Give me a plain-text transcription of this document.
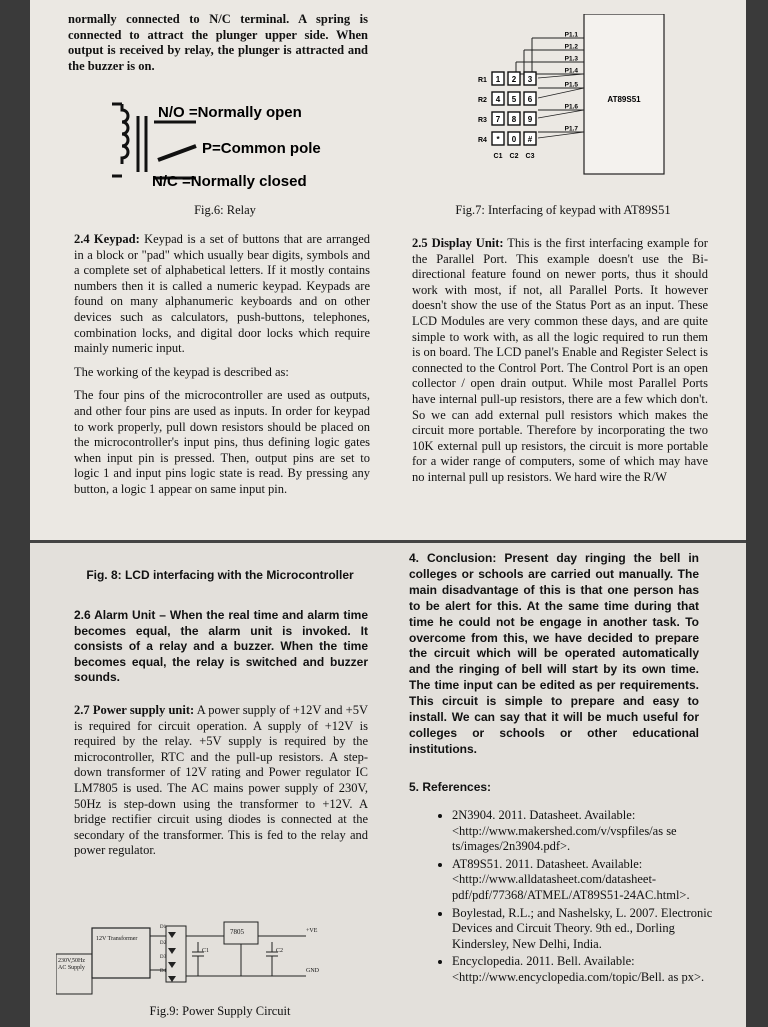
normally connected to N/C terminal. A spring is connected to attract the plunger upper side. When output is received by relay, the plunger is attracted and the buzzer is on.
N/O =Normally open
P=Common pole
N/C =Normally closed
Fig.6: Relay

2.4 Keypad: Keypad is a set of buttons that are arranged in a block or "pad" which usually bear digits, symbols and a complete set of alphabetical letters. If it mostly contains numbers then it is called a numeric keypad. Keypads are found on many alphanumeric keyboards and on other devices such as calculators, push-buttons, telephones, combination locks, and digital door locks which require mainly numeric input.

The working of the keypad is described as:

The four pins of the microcontroller are used as outputs, and other four pins are used as inputs. In order for keypad to work properly, pull down resistors should be placed on the microcontroller's input pins, thus defining logic gates when input pin is pressed. Then, output pins are set to logic 1 and input pins logic state is read. By pressing any button, a logic 1 appear on same input pin.

AT89S51
P1.1
P1.2
P1.3
P1.4
P1.5
P1.6
P1.7
R1 1 2 3
R2 4 5 6
R3 7 8 9
R4 * 0 #
C1 C2 C3
Fig.7: Interfacing of keypad with AT89S51

2.5 Display Unit: This is the first interfacing example for the Parallel Port. This example doesn't use the Bi-directional feature found on newer ports, thus it should work with most, if not, all Parallel Ports. It however doesn't show the use of the Status Port as an input. These LCD Modules are very common these days, and are quite simple to work with, as all the logic required to run them is on board. The LCD panel's Enable and Register Select is connected to the Control Port. The Control Port is an open collector / open drain output. While most Parallel Ports have internal pull-up resistors, there are a few which don't. So we can add external pull resistors which makes the circuit more portable. Therefore by incorporating the two 10K external pull up resistors, the circuit is more portable for a wider range of computers, some of which may have no internal pull up resistors. We hard wire the R/W

Fig. 8: LCD interfacing with the Microcontroller

2.6 Alarm Unit – When the real time and alarm time becomes equal, the alarm unit is invoked. It consists of a relay and a buzzer. When the time becomes equal, the relay is switched and buzzer sounds.

2.7 Power supply unit: A power supply of +12V and +5V is required for circuit operation. A supply of +12V is required by the relay. +5V supply is required by the microcontroller, RTC and the pull-up resistors. A step-down transformer of 12V rating and Power regulator IC LM7805 is used. The AC mains power supply of 230V, 50Hz is step-down using the transformer to +12V. A bridge rectifier circuit using diodes is connected at the secondary of the transformer. This is fed to the relay and power regulator.

12V Transformer
230V,50Hz AC Supply
7805	+VE
GND
C1	C2
D1
D2
D3
D4
Fig.9: Power Supply Circuit

4. Conclusion: Present day ringing the bell in colleges or schools are carried out manually. The main disadvantage of this is that one person has to be alert for this. At the same time during that time he could not be engage in another task. To overcome from this, we have decided to prepare the circuit which will be operated automatically and the ringing of bell will start by its own time. The time input can be edited as per requirements. This circuit is simple to prepare and easy to install. We can say that it will be much useful for colleges or schools or other educational institutions.

5. References:
• 2N3904. 2011. Datasheet. Available: <http://www.makershed.com/v/vspfiles/as se ts/images/2n3904.pdf>.
• AT89S51. 2011. Datasheet. Available: <http://www.alldatasheet.com/datasheet-pdf/pdf/77368/ATMEL/AT89S51-24AC.html>.
• Boylestad, R.L.; and Nashelsky, L. 2007. Electronic Devices and Circuit Theory. 9th ed., Dorling Kindersley, New Delhi, India.
• Encyclopedia. 2011. Bell. Available: <http://www.encyclopedia.com/topic/Bell. as px>.
